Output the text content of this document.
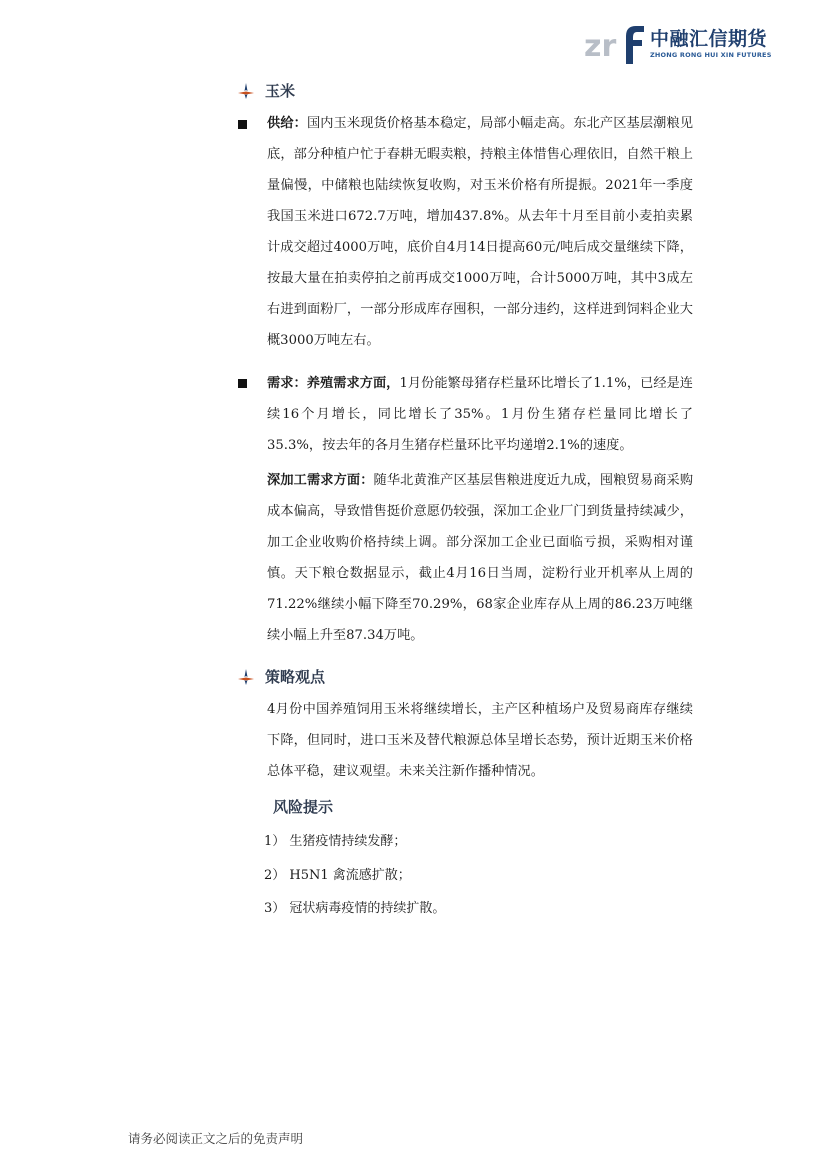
zr 中融汇信期货
ZHONG RONG HUI XIN FUTURES
玉米
供给：国内玉米现货价格基本稳定，局部小幅走高。东北产区基层潮粮见底，部分种植户忙于春耕无暇卖粮，持粮主体惜售心理依旧，自然干粮上量偏慢，中储粮也陆续恢复收购，对玉米价格有所提振。2021年一季度我国玉米进口672.7万吨，增加437.8%。从去年十月至目前小麦拍卖累计成交超过4000万吨，底价自4月14日提高60元/吨后成交量继续下降，按最大量在拍卖停拍之前再成交1000万吨，合计5000万吨，其中3成左右进到面粉厂，一部分形成库存囤积，一部分违约，这样进到饲料企业大概3000万吨左右。
需求：养殖需求方面，1月份能繁母猪存栏量环比增长了1.1%，已经是连续16个月增长，同比增长了35%。1月份生猪存栏量同比增长了35.3%，按去年的各月生猪存栏量环比平均递增2.1%的速度。
深加工需求方面：随华北黄淮产区基层售粮进度近九成，囤粮贸易商采购成本偏高，导致惜售挺价意愿仍较强，深加工企业厂门到货量持续减少，加工企业收购价格持续上调。部分深加工企业已面临亏损，采购相对谨慎。天下粮仓数据显示，截止4月16日当周，淀粉行业开机率从上周的71.22%继续小幅下降至70.29%，68家企业库存从上周的86.23万吨继续小幅上升至87.34万吨。
策略观点
4月份中国养殖饲用玉米将继续增长，主产区种植场户及贸易商库存继续下降，但同时，进口玉米及替代粮源总体呈增长态势，预计近期玉米价格总体平稳，建议观望。未来关注新作播种情况。
风险提示
1） 生猪疫情持续发酵；
2） H5N1 禽流感扩散；
3） 冠状病毒疫情的持续扩散。
请务必阅读正文之后的免责声明
